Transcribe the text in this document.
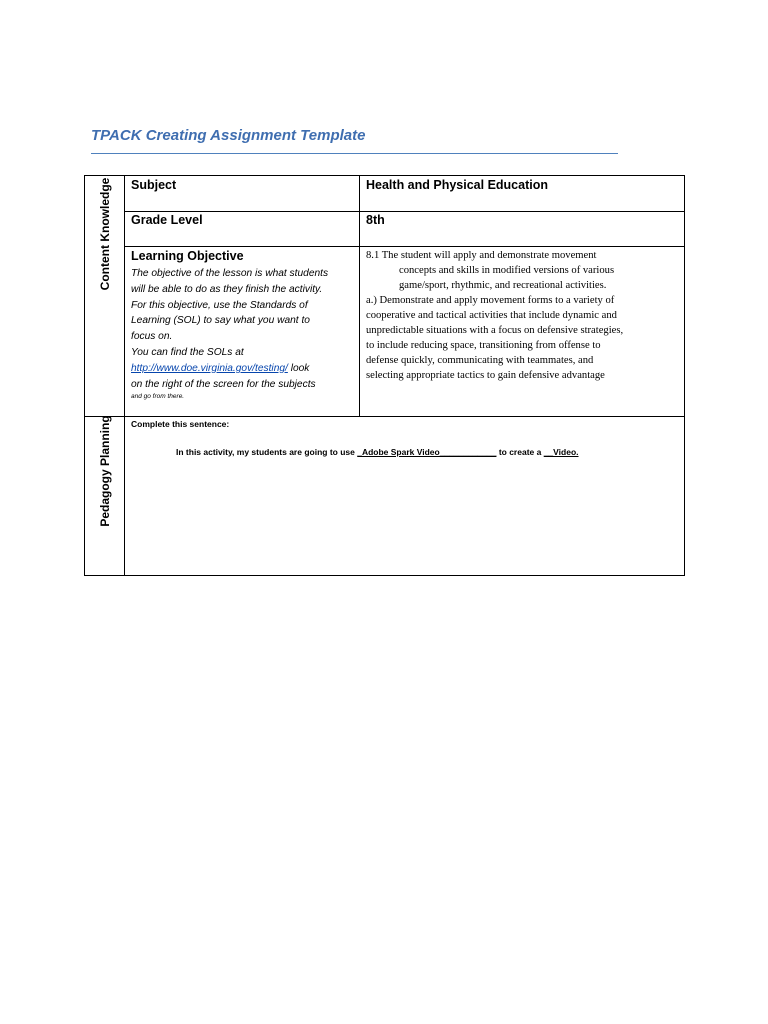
TPACK Creating Assignment Template
Content Knowledge
Pedagogy Planning
Subject	Health and Physical Education
Grade Level	8th
Learning Objective
The objective of the lesson is what students
will be able to do as they finish the activity.
For this objective, use the Standards of
Learning (SOL) to say what you want to
focus on.
You can find the SOLs at
http://www.doe.virginia.gov/testing/ look
on the right of the screen for the subjects
and go from there.
8.1 The student will apply and demonstrate movement
concepts and skills in modified versions of various
game/sport, rhythmic, and recreational activities.
a.) Demonstrate and apply movement forms to a variety of
cooperative and tactical activities that include dynamic and
unpredictable situations with a focus on defensive strategies,
to include reducing space, transitioning from offense to
defense quickly, communicating with teammates, and
selecting appropriate tactics to gain defensive advantage
Complete this sentence:
In this activity, my students are going to use _Adobe Spark Video____________ to create a __Video.
